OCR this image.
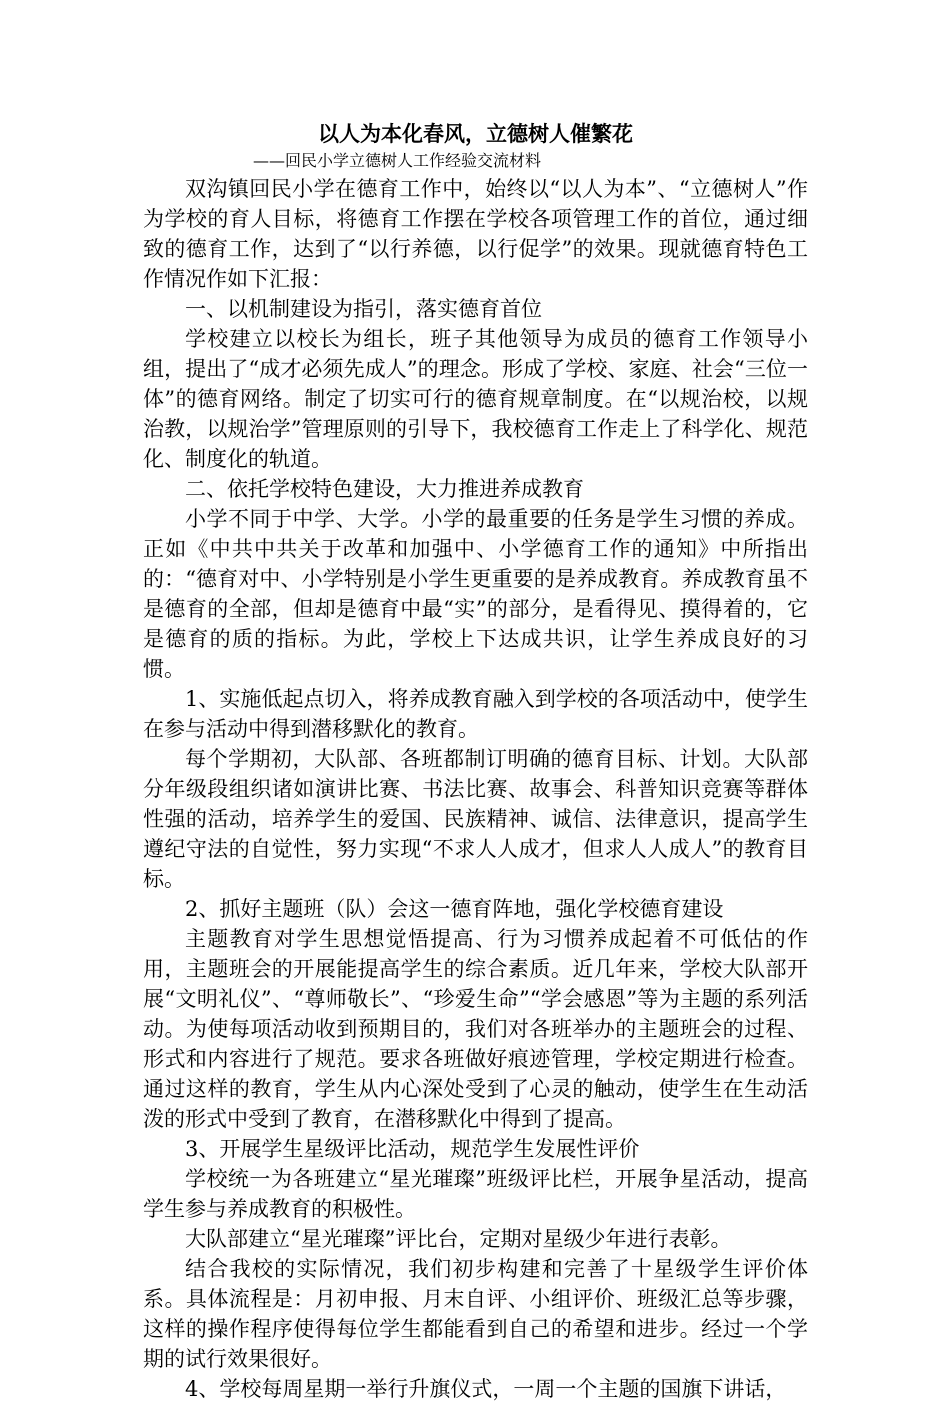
以人为本化春风，立德树人催繁花

——回民小学立德树人工作经验交流材料

双沟镇回民小学在德育工作中，始终以“以人为本”、“立德树人”作为学校的育人目标，将德育工作摆在学校各项管理工作的首位，通过细致的德育工作，达到了“以行养德，以行促学”的效果。现就德育特色工作情况作如下汇报：

一、以机制建设为指引，落实德育首位

学校建立以校长为组长，班子其他领导为成员的德育工作领导小组，提出了“成才必须先成人”的理念。形成了学校、家庭、社会“三位一体”的德育网络。制定了切实可行的德育规章制度。在“以规治校，以规治教，以规治学”管理原则的引导下，我校德育工作走上了科学化、规范化、制度化的轨道。

二、依托学校特色建设，大力推进养成教育

小学不同于中学、大学。小学的最重要的任务是学生习惯的养成。正如《中共中共关于改革和加强中、小学德育工作的通知》中所指出的：“德育对中、小学特别是小学生更重要的是养成教育。养成教育虽不是德育的全部，但却是德育中最“实”的部分，是看得见、摸得着的，它是德育的质的指标。为此，学校上下达成共识，让学生养成良好的习惯。

1、实施低起点切入，将养成教育融入到学校的各项活动中，使学生在参与活动中得到潜移默化的教育。

每个学期初，大队部、各班都制订明确的德育目标、计划。大队部分年级段组织诸如演讲比赛、书法比赛、故事会、科普知识竞赛等群体性强的活动，培养学生的爱国、民族精神、诚信、法律意识，提高学生遵纪守法的自觉性，努力实现“不求人人成才，但求人人成人”的教育目标。

2、抓好主题班（队）会这一德育阵地，强化学校德育建设

主题教育对学生思想觉悟提高、行为习惯养成起着不可低估的作用，主题班会的开展能提高学生的综合素质。近几年来，学校大队部开展“文明礼仪”、“尊师敬长”、“珍爱生命”“学会感恩”等为主题的系列活动。为使每项活动收到预期目的，我们对各班举办的主题班会的过程、形式和内容进行了规范。要求各班做好痕迹管理，学校定期进行检查。通过这样的教育，学生从内心深处受到了心灵的触动，使学生在生动活泼的形式中受到了教育，在潜移默化中得到了提高。

3、开展学生星级评比活动，规范学生发展性评价

学校统一为各班建立“星光璀璨”班级评比栏，开展争星活动，提高学生参与养成教育的积极性。

大队部建立“星光璀璨”评比台，定期对星级少年进行表彰。

结合我校的实际情况，我们初步构建和完善了十星级学生评价体系。具体流程是：月初申报、月末自评、小组评价、班级汇总等步骤，这样的操作程序使得每位学生都能看到自己的希望和进步。经过一个学期的试行效果很好。

4、学校每周星期一举行升旗仪式，一周一个主题的国旗下讲话，
